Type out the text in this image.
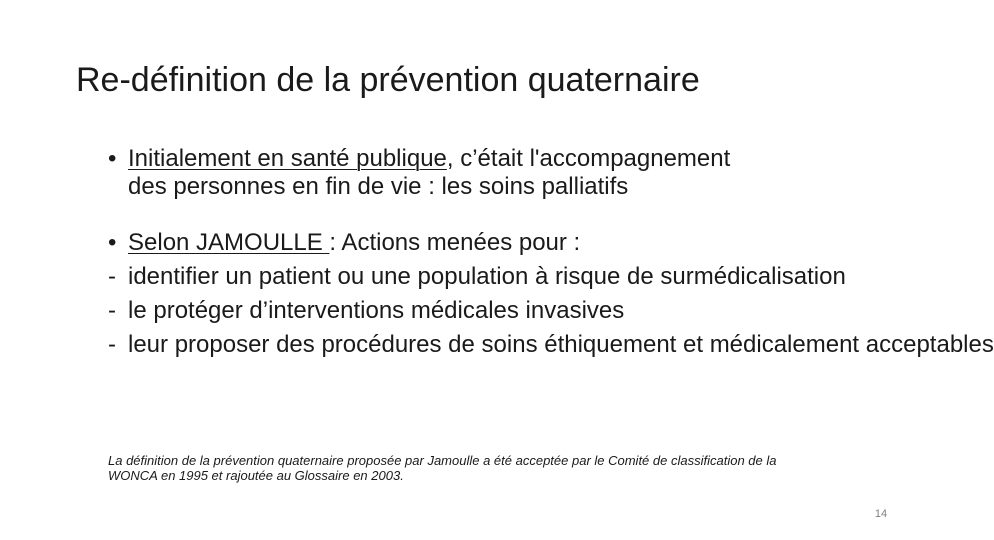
Re-définition de la prévention quaternaire
• Initialement en santé publique, c’était l'accompagnement
des personnes en fin de vie : les soins palliatifs
• Selon JAMOULLE : Actions menées pour :
- identifier un patient ou une population à risque de surmédicalisation
- le protéger d’interventions médicales invasives
- leur proposer des procédures de soins éthiquement et médicalement acceptables
La définition de la prévention quaternaire proposée par Jamoulle a été acceptée par le Comité de classification de la
WONCA en 1995 et rajoutée au Glossaire en 2003.
14
